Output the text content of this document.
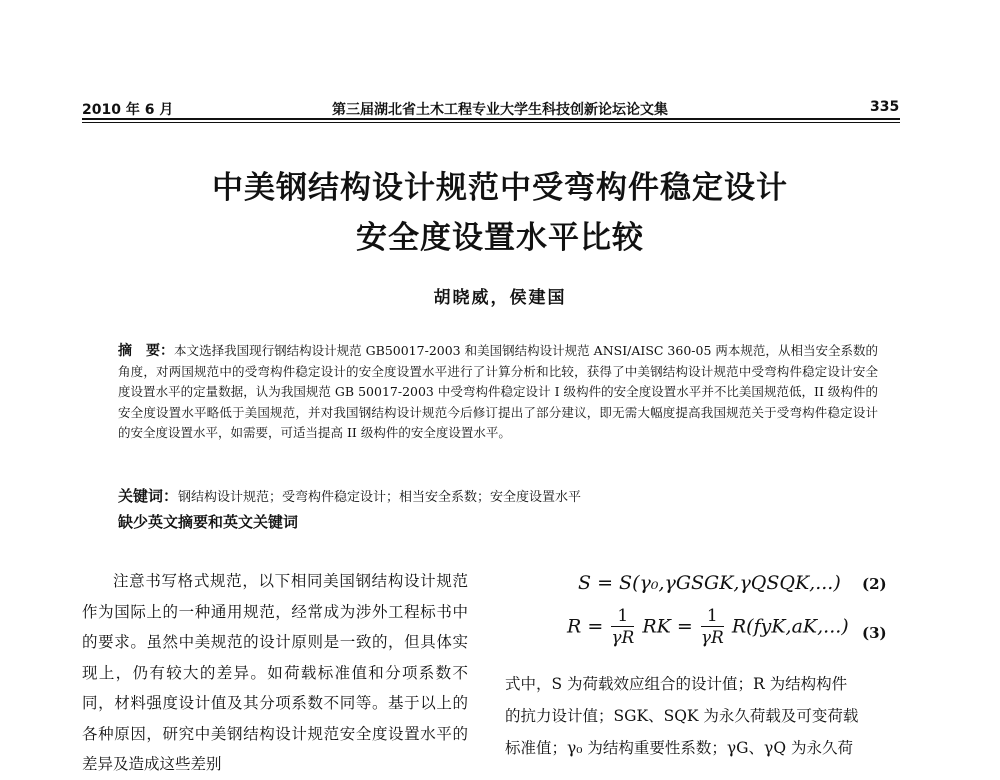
2010 年 6 月	第三届湖北省土木工程专业大学生科技创新论坛论文集	335
中美钢结构设计规范中受弯构件稳定设计
安全度设置水平比较
胡晓威，侯建国
摘　要：本文选择我国现行钢结构设计规范 GB50017-2003 和美国钢结构设计规范 ANSI/AISC 360-05 两本规范，从相当安全系数的角度，对两国规范中的受弯构件稳定设计的安全度设置水平进行了计算分析和比较，获得了中美钢结构设计规范中受弯构件稳定设计安全度设置水平的定量数据，认为我国规范 GB 50017-2003 中受弯构件稳定设计 I 级构件的安全度设置水平并不比美国规范低，II 级构件的安全度设置水平略低于美国规范，并对我国钢结构设计规范今后修订提出了部分建议，即无需大幅度提高我国规范关于受弯构件稳定设计的安全度设置水平，如需要，可适当提高 II 级构件的安全度设置水平。
关键词：钢结构设计规范；受弯构件稳定设计；相当安全系数；安全度设置水平
缺少英文摘要和英文关键词

注意书写格式规范，以下相同美国钢结构设计规范作为国际上的一种通用规范，经常成为涉外工程标书中的要求。虽然中美规范的设计原则是一致的，但具体实现上，仍有较大的差异。如荷载标准值和分项系数不同，材料强度设计值及其分项系数不同等。基于以上的各种原因，研究中美钢结构设计规范安全度设置水平的差异及造成这些差别

S = S(γ₀,γGSGK,γQSQK,...) (2)
$R = \frac{1}{\gamma R}$ RK = $\frac{1}{\gamma R} R(fyK,aK,...)$ (3)
式中，S 为荷载效应组合的设计值；R 为结构构件
的抗力设计值；SGK、SQK 为永久荷载及可变荷载
标准值；γ₀ 为结构重要性系数；γG、γQ 为永久荷
